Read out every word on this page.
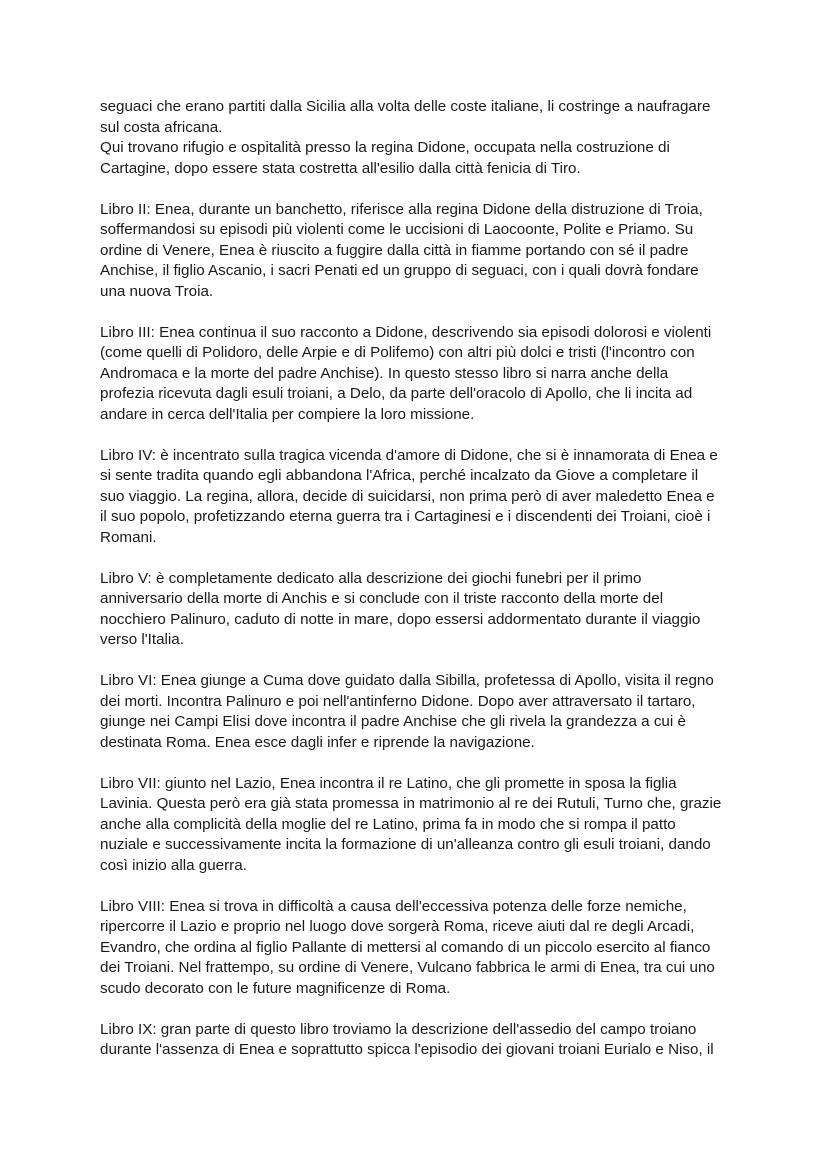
seguaci che erano partiti dalla Sicilia alla volta delle coste italiane, li costringe a naufragare
sul costa africana.
Qui trovano rifugio e ospitalità presso la regina Didone, occupata nella costruzione di
Cartagine, dopo essere stata costretta all'esilio dalla città fenicia di Tiro.

Libro II: Enea, durante un banchetto, riferisce alla regina Didone della distruzione di Troia,
soffermandosi su episodi più violenti come le uccisioni di Laocoonte, Polite e Priamo. Su
ordine di Venere, Enea è riuscito a fuggire dalla città in fiamme portando con sé il padre
Anchise, il figlio Ascanio, i sacri Penati ed un gruppo di seguaci, con i quali dovrà fondare
una nuova Troia.

Libro III: Enea continua il suo racconto a Didone, descrivendo sia episodi dolorosi e violenti
(come quelli di Polidoro, delle Arpie e di Polifemo) con altri più dolci e tristi (l'incontro con
Andromaca e la morte del padre Anchise). In questo stesso libro si narra anche della
profezia ricevuta dagli esuli troiani, a Delo, da parte dell'oracolo di Apollo, che li incita ad
andare in cerca dell'Italia per compiere la loro missione.

Libro IV: è incentrato sulla tragica vicenda d'amore di Didone, che si è innamorata di Enea e
si sente tradita quando egli abbandona l'Africa, perché incalzato da Giove a completare il
suo viaggio. La regina, allora, decide di suicidarsi, non prima però di aver maledetto Enea e
il suo popolo, profetizzando eterna guerra tra i Cartaginesi e i discendenti dei Troiani, cioè i
Romani.

Libro V: è completamente dedicato alla descrizione dei giochi funebri per il primo
anniversario della morte di Anchis e si conclude con il triste racconto della morte del
nocchiero Palinuro, caduto di notte in mare, dopo essersi addormentato durante il viaggio
verso l'Italia.

Libro VI: Enea giunge a Cuma dove guidato dalla Sibilla, profetessa di Apollo, visita il regno
dei morti. Incontra Palinuro e poi nell'antinferno Didone. Dopo aver attraversato il tartaro,
giunge nei Campi Elisi dove incontra il padre Anchise che gli rivela la grandezza a cui è
destinata Roma. Enea esce dagli infer e riprende la navigazione.

Libro VII: giunto nel Lazio, Enea incontra il re Latino, che gli promette in sposa la figlia
Lavinia. Questa però era già stata promessa in matrimonio al re dei Rutuli, Turno che, grazie
anche alla complicità della moglie del re Latino, prima fa in modo che si rompa il patto
nuziale e successivamente incita la formazione di un'alleanza contro gli esuli troiani, dando
così inizio alla guerra.

Libro VIII: Enea si trova in difficoltà a causa dell'eccessiva potenza delle forze nemiche,
ripercorre il Lazio e proprio nel luogo dove sorgerà Roma, riceve aiuti dal re degli Arcadi,
Evandro, che ordina al figlio Pallante di mettersi al comando di un piccolo esercito al fianco
dei Troiani. Nel frattempo, su ordine di Venere, Vulcano fabbrica le armi di Enea, tra cui uno
scudo decorato con le future magnificenze di Roma.

Libro IX: gran parte di questo libro troviamo la descrizione dell'assedio del campo troiano
durante l'assenza di Enea e soprattutto spicca l'episodio dei giovani troiani Eurialo e Niso, il
